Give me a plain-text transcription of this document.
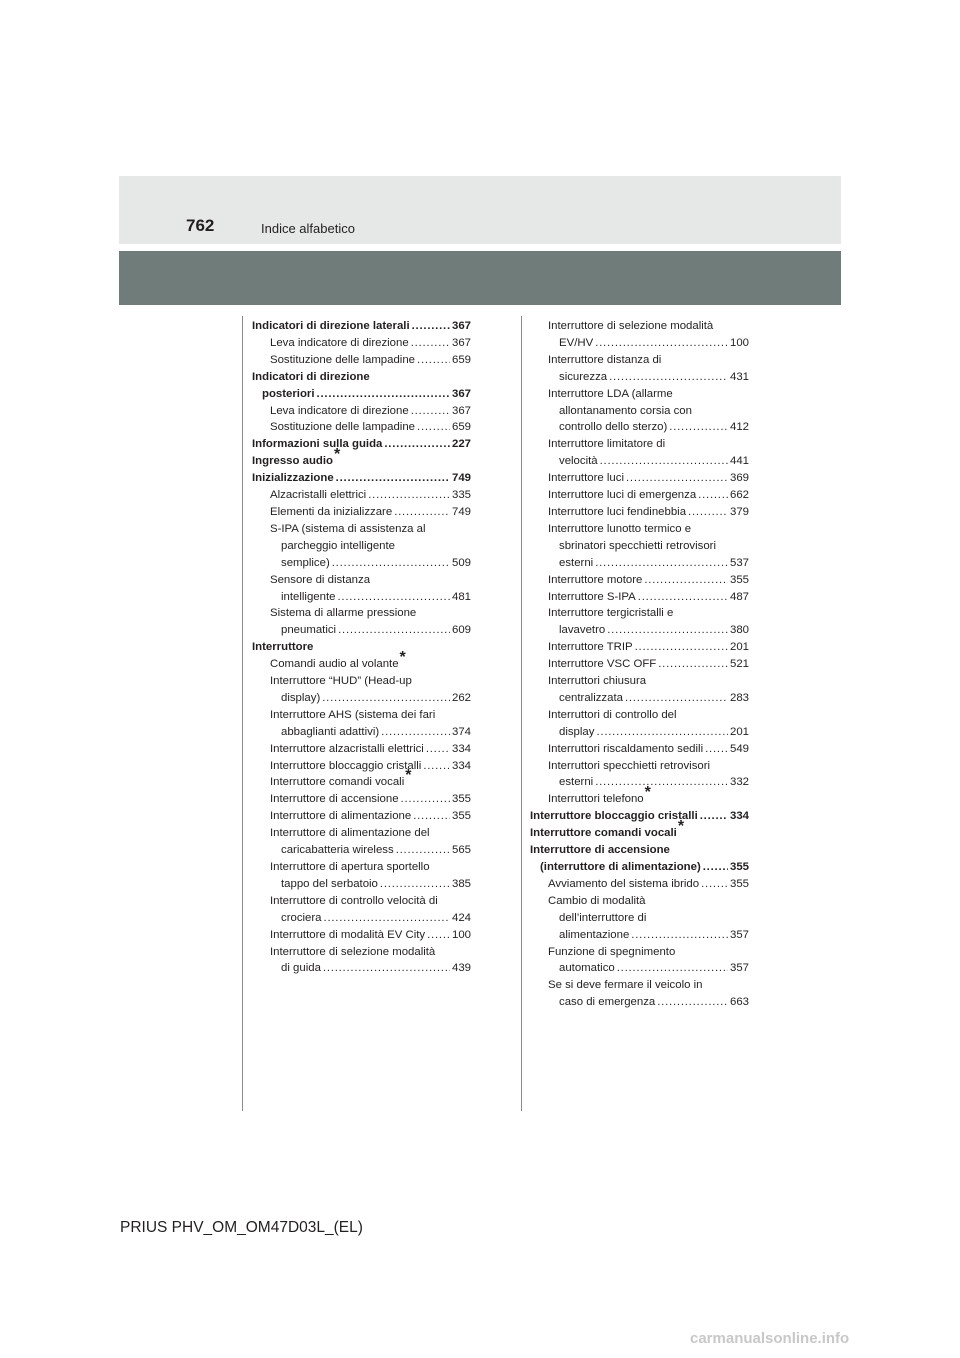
762	Indice alfabetico
Indicatori di direzione laterali . . .	367
Leva indicatore di direzione . . .	367
Sostituzione delle lampadine . . .	659
Indicatori di direzione
posteriori . . .	367
Leva indicatore di direzione . . .	367
Sostituzione delle lampadine . . .	659
Informazioni sulla guida . . .	227
Ingresso audio*
Inizializzazione . . .	749
Alzacristalli elettrici . . .	335
Elementi da inizializzare . . .	749
S-IPA (sistema di assistenza al
parcheggio intelligente
semplice) . . .	509
Sensore di distanza
intelligente . . .	481
Sistema di allarme pressione
pneumatici . . .	609
Interruttore
Comandi audio al volante*
Interruttore “HUD” (Head-up
display) . . .	262
Interruttore AHS (sistema dei fari
abbaglianti adattivi) . . .	374
Interruttore alzacristalli elettrici . . . 334
Interruttore bloccaggio cristalli . . .	334
Interruttore comandi vocali*
Interruttore di accensione . . .	355
Interruttore di alimentazione . . .	355
Interruttore di alimentazione del
caricabatteria wireless . . .	565
Interruttore di apertura sportello
tappo del serbatoio . . .	385
Interruttore di controllo velocità di
crociera . . .	424
Interruttore di modalità EV City . . . 100
Interruttore di selezione modalità
di guida . . .	439
Interruttore di selezione modalità
EV/HV . . .	100
Interruttore distanza di
sicurezza . . .	431
Interruttore LDA (allarme
allontanamento corsia con
controllo dello sterzo) . . .	412
Interruttore limitatore di
velocità . . .	441
Interruttore luci . . .	369
Interruttore luci di emergenza . . .	662
Interruttore luci fendinebbia . . .	379
Interruttore lunotto termico e
sbrinatori specchietti retrovisori
esterni . . .	537
Interruttore motore . . .	355
Interruttore S-IPA . . .	487
Interruttore tergicristalli e
lavavetro . . .	380
Interruttore TRIP . . .	201
Interruttore VSC OFF . . .	521
Interruttori chiusura
centralizzata . . .	283
Interruttori di controllo del
display . . .	201
Interruttori riscaldamento sedili . . . 549
Interruttori specchietti retrovisori
esterni . . .	332
Interruttori telefono*
Interruttore bloccaggio cristalli . . .	334
Interruttore comandi vocali*
Interruttore di accensione
(interruttore di alimentazione) . . .	355
Avviamento del sistema ibrido . . .	355
Cambio di modalità
dell’interruttore di
alimentazione . . .	357
Funzione di spegnimento
automatico . . .	357
Se si deve fermare il veicolo in
caso di emergenza . . .	663
PRIUS PHV_OM_OM47D03L_(EL)
carmanualsonline.info
